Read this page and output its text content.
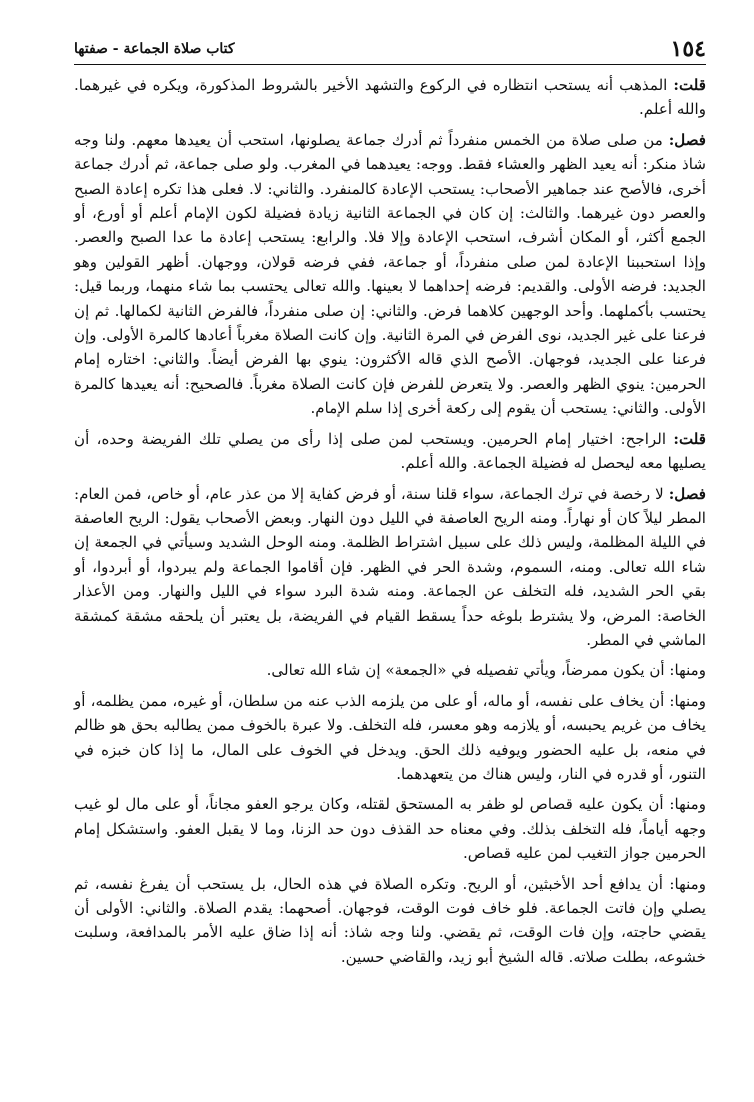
١٥٤
كتاب صلاة الجماعة - صفتها

قلت: المذهب أنه يستحب انتظاره في الركوع والتشهد الأخير بالشروط المذكورة، ويكره في غيرهما. والله أعلم.

فصل: من صلى صلاة من الخمس منفرداً ثم أدرك جماعة يصلونها، استحب أن يعيدها معهم. ولنا وجه شاذ منكر: أنه يعيد الظهر والعشاء فقط. ووجه: يعيدهما في المغرب. ولو صلى جماعة، ثم أدرك جماعة أخرى، فالأصح عند جماهير الأصحاب: يستحب الإعادة كالمنفرد. والثاني: لا. فعلى هذا تكره إعادة الصبح والعصر دون غيرهما. والثالث: إن كان في الجماعة الثانية زيادة فضيلة لكون الإمام أعلم أو أورع، أو الجمع أكثر، أو المكان أشرف، استحب الإعادة وإلا فلا. والرابع: يستحب إعادة ما عدا الصبح والعصر. وإذا استحببنا الإعادة لمن صلى منفرداً، أو جماعة، ففي فرضه قولان، ووجهان. أظهر القولين وهو الجديد: فرضه الأولى. والقديم: فرضه إحداهما لا بعينها. والله تعالى يحتسب بما شاء منهما، وربما قيل: يحتسب بأكملهما. وأحد الوجهين كلاهما فرض. والثاني: إن صلى منفرداً، فالفرض الثانية لكمالها. ثم إن فرعنا على غير الجديد، نوى الفرض في المرة الثانية. وإن كانت الصلاة مغرباً أعادها كالمرة الأولى. وإن فرعنا على الجديد، فوجهان. الأصح الذي قاله الأكثرون: ينوي بها الفرض أيضاً. والثاني: اختاره إمام الحرمين: ينوي الظهر والعصر. ولا يتعرض للفرض فإن كانت الصلاة مغرباً. فالصحيح: أنه يعيدها كالمرة الأولى. والثاني: يستحب أن يقوم إلى ركعة أخرى إذا سلم الإمام.

قلت: الراجح: اختيار إمام الحرمين. ويستحب لمن صلى إذا رأى من يصلي تلك الفريضة وحده، أن يصليها معه ليحصل له فضيلة الجماعة. والله أعلم.

فصل: لا رخصة في ترك الجماعة، سواء قلنا سنة، أو فرض كفاية إلا من عذر عام، أو خاص، فمن العام: المطر ليلاً كان أو نهاراً. ومنه الريح العاصفة في الليل دون النهار. وبعض الأصحاب يقول: الريح العاصفة في الليلة المظلمة، وليس ذلك على سبيل اشتراط الظلمة. ومنه الوحل الشديد وسيأتي في الجمعة إن شاء الله تعالى. ومنه، السموم، وشدة الحر في الظهر. فإن أقاموا الجماعة ولم يبردوا، أو أبردوا، أو بقي الحر الشديد، فله التخلف عن الجماعة. ومنه شدة البرد سواء في الليل والنهار. ومن الأعذار الخاصة: المرض، ولا يشترط بلوغه حداً يسقط القيام في الفريضة، بل يعتبر أن يلحقه مشقة كمشقة الماشي في المطر.

ومنها: أن يكون ممرضاً، ويأتي تفصيله في «الجمعة» إن شاء الله تعالى.

ومنها: أن يخاف على نفسه، أو ماله، أو على من يلزمه الذب عنه من سلطان، أو غيره، ممن يظلمه، أو يخاف من غريم يحبسه، أو يلازمه وهو معسر، فله التخلف. ولا عبرة بالخوف ممن يطالبه بحق هو ظالم في منعه، بل عليه الحضور ويوفيه ذلك الحق. ويدخل في الخوف على المال، ما إذا كان خبزه في التنور، أو قدره في النار، وليس هناك من يتعهدهما.

ومنها: أن يكون عليه قصاص لو ظفر به المستحق لقتله، وكان يرجو العفو مجاناً، أو على مال لو غيب وجهه أياماً، فله التخلف بذلك. وفي معناه حد القذف دون حد الزنا، وما لا يقبل العفو. واستشكل إمام الحرمين جواز التغيب لمن عليه قصاص.

ومنها: أن يدافع أحد الأخبثين، أو الريح. وتكره الصلاة في هذه الحال، بل يستحب أن يفرغ نفسه، ثم يصلي وإن فاتت الجماعة. فلو خاف فوت الوقت، فوجهان. أصحهما: يقدم الصلاة. والثاني: الأولى أن يقضي حاجته، وإن فات الوقت، ثم يقضي. ولنا وجه شاذ: أنه إذا ضاق عليه الأمر بالمدافعة، وسلبت خشوعه، بطلت صلاته. قاله الشيخ أبو زيد، والقاضي حسين.
